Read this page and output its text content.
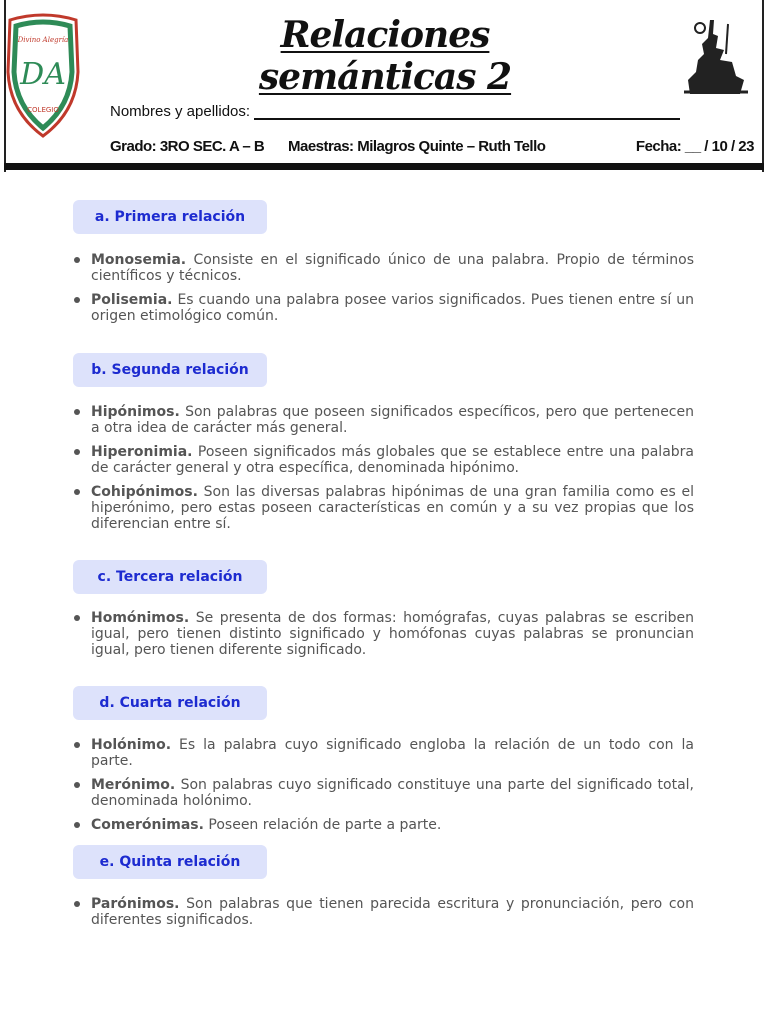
Divino Alegría
DA
COLEGIO
Relaciones semánticas 2
Nombres y apellidos:
Grado: 3RO SEC. A – B Maestras: Milagros Quinte – Ruth Tello	Fecha: __ / 10 / 23
a. Primera relación
Monosemia. Consiste en el significado único de una palabra. Propio de términos científicos y técnicos.
Polisemia. Es cuando una palabra posee varios significados. Pues tienen entre sí un origen etimológico común.
b. Segunda relación
Hipónimos. Son palabras que poseen significados específicos, pero que pertenecen a otra idea de carácter más general.
Hiperonimia. Poseen significados más globales que se establece entre una palabra de carácter general y otra específica, denominada hipónimo.
Cohipónimos. Son las diversas palabras hipónimas de una gran familia como es el hiperónimo, pero estas poseen características en común y a su vez propias que los diferencian entre sí.
c. Tercera relación
Homónimos. Se presenta de dos formas: homógrafas, cuyas palabras se escriben igual, pero tienen distinto significado y homófonas cuyas palabras se pronuncian igual, pero tienen diferente significado.
d. Cuarta relación
Holónimo. Es la palabra cuyo significado engloba la relación de un todo con la parte.
Merónimo. Son palabras cuyo significado constituye una parte del significado total, denominada holónimo.
Comerónimas. Poseen relación de parte a parte.
e. Quinta relación
Parónimos. Son palabras que tienen parecida escritura y pronunciación, pero con diferentes significados.
